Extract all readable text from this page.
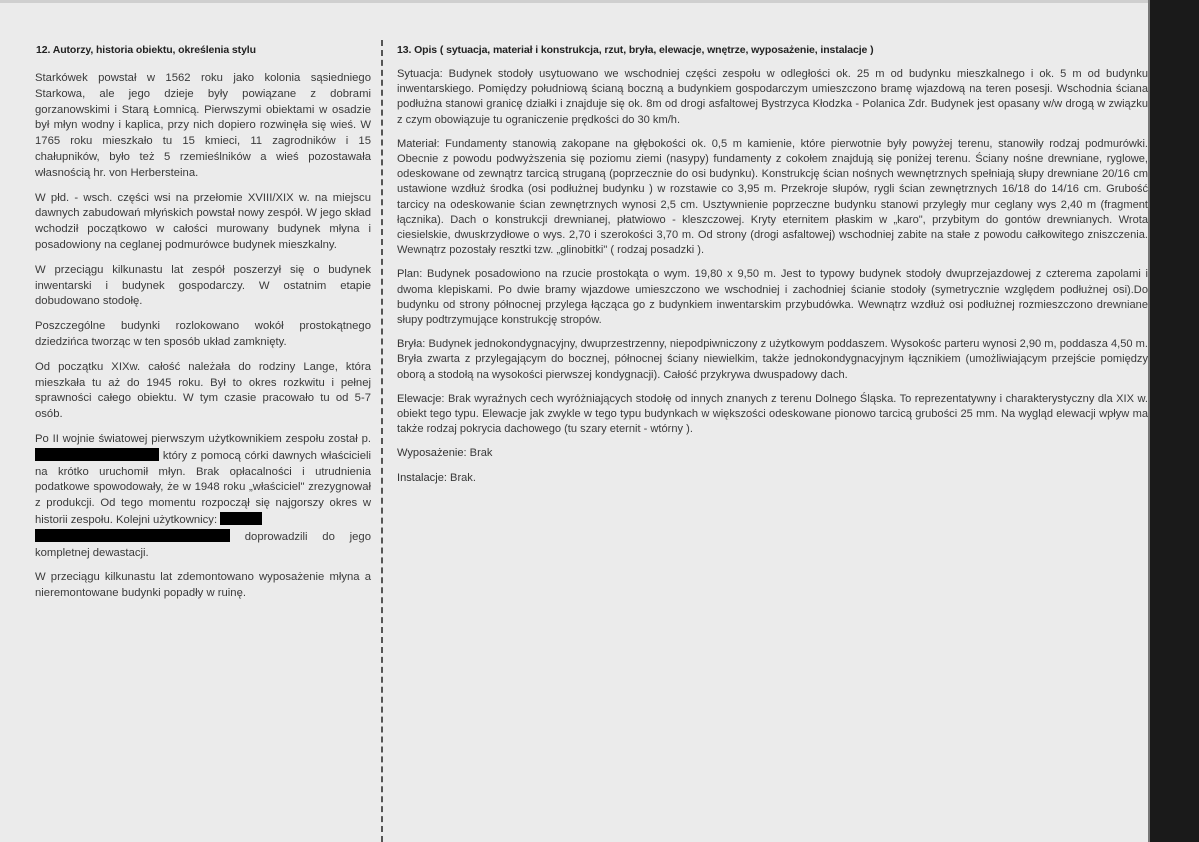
12. Autorzy, historia obiektu, określenia stylu

Starkówek powstał w 1562 roku jako kolonia sąsiedniego Starkowa, ale jego dzieje były powiązane z dobrami gorzanowskimi i Starą Łomnicą. Pierwszymi obiektami w osadzie był młyn wodny i kaplica, przy nich dopiero rozwinęła się wieś. W 1765 roku mieszkało tu 15 kmieci, 11 zagrodników i 15 chałupników, było też 5 rzemieślników a wieś pozostawała własnością hr. von Herbersteina.

W płd. - wsch. części wsi na przełomie XVIII/XIX w. na miejscu dawnych zabudowań młyńskich powstał nowy zespół. W jego skład wchodził początkowo w całości murowany budynek młyna i posadowiony na ceglanej podmurówce budynek mieszkalny.

W przeciągu kilkunastu lat zespół poszerzył się o budynek inwentarski i budynek gospodarczy. W ostatnim etapie dobudowano stodołę.

Poszczególne budynki rozlokowano wokół prostokątnego dziedzińca tworząc w ten sposób układ zamknięty.

Od początku XIXw. całość należała do rodziny Lange, która mieszkała tu aż do 1945 roku. Był to okres rozkwitu i pełnej sprawności całego obiektu. W tym czasie pracowało tu od 5-7 osób.

Po II wojnie światowej pierwszym użytkownikiem zespołu został p.  który z pomocą córki dawnych właścicieli na krótko uruchomił młyn. Brak opłacalności i utrudnienia podatkowe spowodowały, że w 1948 roku „właściciel" zrezygnował z produkcji. Od tego momentu rozpoczął się najgorszy okres w historii zespołu. Kolejni użytkownicy:
doprowadzili do jego kompletnej dewastacji.

W przeciągu kilkunastu lat zdemontowano wyposażenie młyna a nieremontowane budynki popadły w ruinę.

13. Opis ( sytuacja, materiał i konstrukcja, rzut, bryła, elewacje, wnętrze, wyposażenie, instalacje )

Sytuacja: Budynek stodoły usytuowano we wschodniej części zespołu w odległości ok. 25 m od budynku mieszkalnego i ok. 5 m od budynku inwentarskiego. Pomiędzy południową ścianą boczną a budynkiem gospodarczym umieszczono bramę wjazdową na teren posesji. Wschodnia ściana podłużna stanowi granicę działki i znajduje się ok. 8m od drogi asfaltowej Bystrzyca Kłodzka - Polanica Zdr. Budynek jest opasany w/w drogą w związku z czym obowiązuje tu ograniczenie prędkości do 30 km/h.

Materiał: Fundamenty stanowią zakopane na głębokości ok. 0,5 m kamienie, które pierwotnie były powyżej terenu, stanowiły rodzaj podmurówki. Obecnie z powodu podwyższenia się poziomu ziemi (nasypy) fundamenty z cokołem znajdują się poniżej terenu. Ściany nośne drewniane, ryglowe, odeskowane od zewnątrz tarcicą struganą (poprzecznie do osi budynku). Konstrukcję ścian nośnych wewnętrznych spełniają słupy drewniane 20/16 cm ustawione wzdłuż środka (osi podłużnej budynku ) w rozstawie co 3,95 m. Przekroje słupów, rygli ścian zewnętrznych 16/18 do 14/16 cm. Grubość tarcicy na odeskowanie ścian zewnętrznych wynosi 2,5 cm. Usztywnienie poprzeczne budynku stanowi przyległy mur ceglany wys 2,40 m (fragment łącznika). Dach o konstrukcji drewnianej, płatwiowo - kleszczowej. Kryty eternitem płaskim w „karo", przybitym do gontów drewnianych. Wrota ciesielskie, dwuskrzydłowe o wys. 2,70 i szerokości 3,70 m. Od strony (drogi asfaltowej) wschodniej zabite na stałe z powodu całkowitego zniszczenia. Wewnątrz pozostały resztki tzw. „glinobitki" ( rodzaj posadzki ).

Plan: Budynek posadowiono na rzucie prostokąta o wym. 19,80 x 9,50 m. Jest to typowy budynek stodoły dwuprzejazdowej z czterema zapolami i dwoma klepiskami. Po dwie bramy wjazdowe umieszczono we wschodniej i zachodniej ścianie stodoły (symetrycznie względem podłużnej osi).Do budynku od strony północnej przylega łącząca go z budynkiem inwentarskim przybudówka. Wewnątrz wzdłuż osi podłużnej rozmieszczono drewniane słupy podtrzymujące konstrukcję stropów.

Bryła: Budynek jednokondygnacyjny, dwuprzestrzenny, niepodpiwniczony z użytkowym poddaszem. Wysokośc parteru wynosi 2,90 m, poddasza 4,50 m. Bryła zwarta z przylegającym do bocznej, północnej ściany niewielkim, także jednokondygnacyjnym łącznikiem (umożliwiającym przejście pomiędzy oborą a stodołą na wysokości pierwszej kondygnacji). Całość przykrywa dwuspadowy dach.

Elewacje: Brak wyraźnych cech wyróżniających stodołę od innych znanych z terenu Dolnego Śląska. To reprezentatywny i charakterystyczny dla XIX w. obiekt tego typu. Elewacje jak zwykle w tego typu budynkach w większości odeskowane pionowo tarcicą grubości 25 mm. Na wygląd elewacji wpływ ma także rodzaj pokrycia dachowego (tu szary eternit - wtórny ).

Wyposażenie: Brak

Instalacje: Brak.
